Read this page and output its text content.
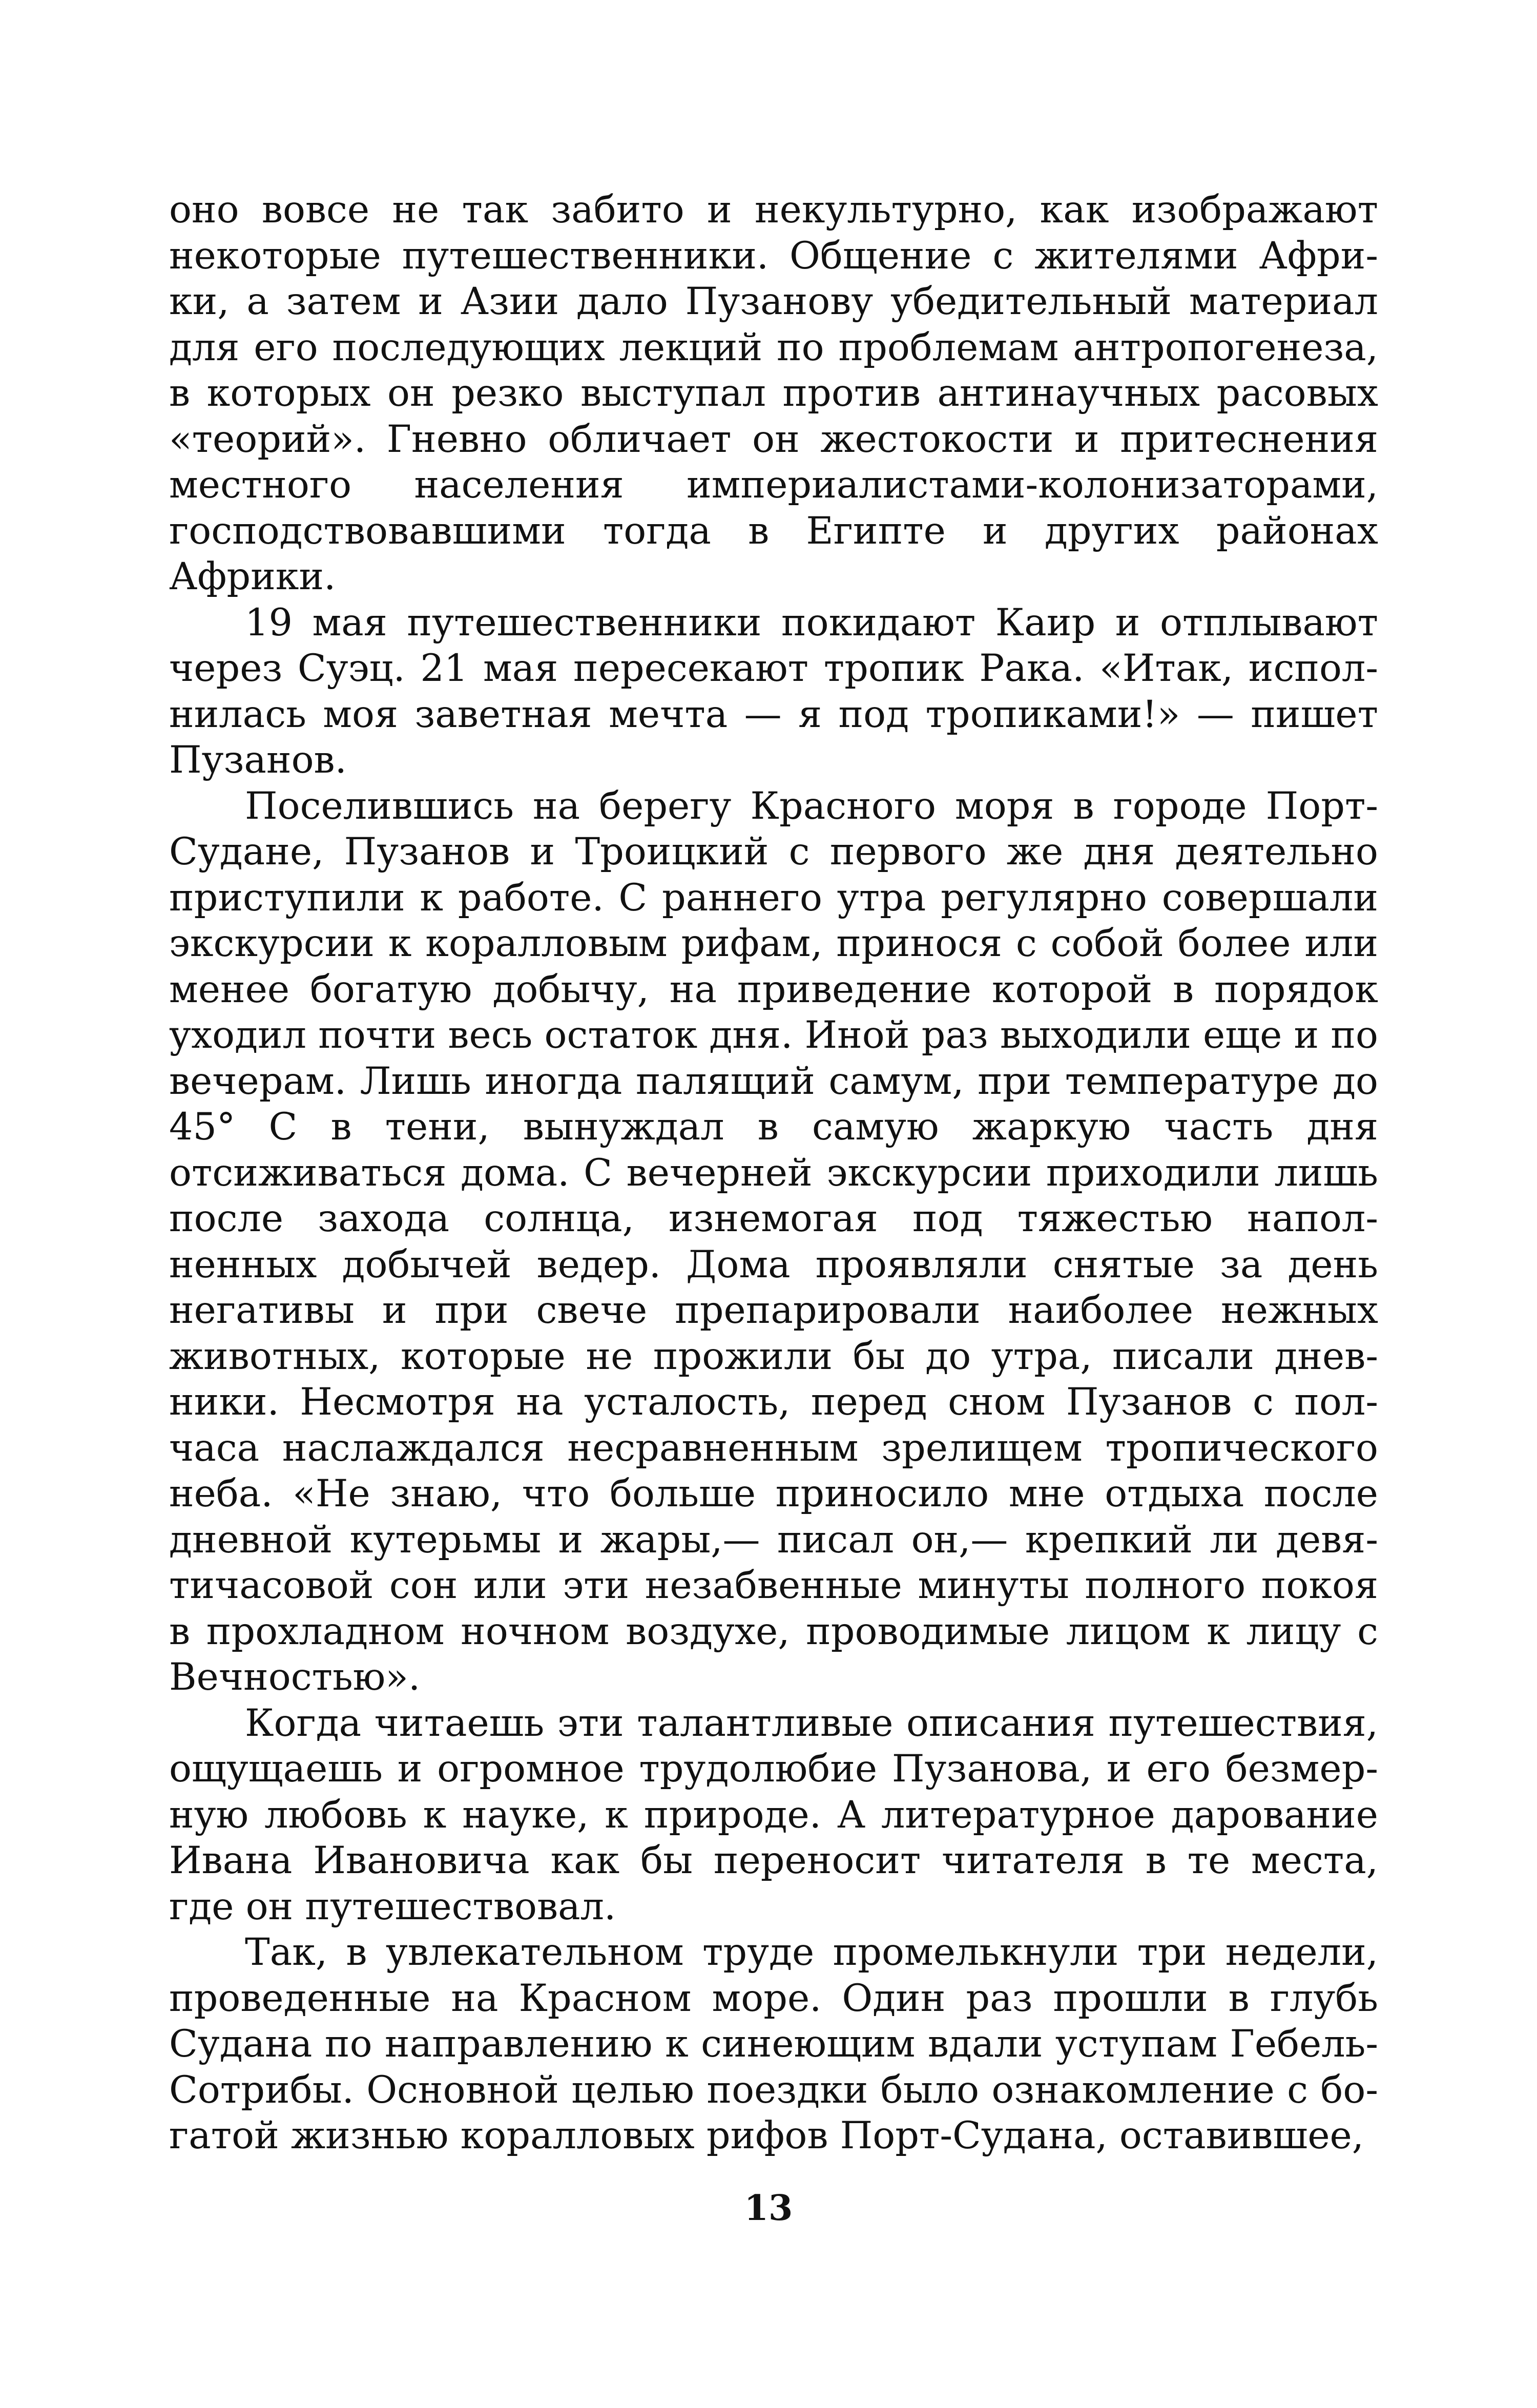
оно вовсе не так забито и некультурно, как изображают некоторые путешественники. Общение с жителями Африки, а затем и Азии дало Пузанову убедительный материал для его последующих лекций по проблемам антропогенеза, в которых он резко выступал против антинаучных расовых «теорий». Гневно обличает он жестокости и притеснения местного населения империалистами-колонизаторами, господствовавшими тогда в Египте и других районах Африки.

19 мая путешественники покидают Каир и отплывают через Суэц. 21 мая пересекают тропик Рака. «Итак, исполнилась моя заветная мечта — я под тропиками!» — пишет Пузанов.

Поселившись на берегу Красного моря в городе Порт-Судане, Пузанов и Троицкий с первого же дня деятельно приступили к работе. С раннего утра регулярно совершали экскурсии к коралловым рифам, принося с собой более или менее богатую добычу, на приведение которой в порядок уходил почти весь остаток дня. Иной раз выходили еще и по вечерам. Лишь иногда палящий самум, при температуре до 45° С в тени, вынуждал в самую жаркую часть дня отсиживаться дома. С вечерней экскурсии приходили лишь после захода солнца, изнемогая под тяжестью наполненных добычей ведер. Дома проявляли снятые за день негативы и при свече препарировали наиболее нежных животных, которые не прожили бы до утра, писали дневники. Несмотря на усталость, перед сном Пузанов с полчаса наслаждался несравненным зрелищем тропического неба. «Не знаю, что больше приносило мне отдыха после дневной кутерьмы и жары,— писал он,— крепкий ли девятичасовой сон или эти незабвенные минуты полного покоя в прохладном ночном воздухе, проводимые лицом к лицу с Вечностью».

Когда читаешь эти талантливые описания путешествия, ощущаешь и огромное трудолюбие Пузанова, и его безмерную любовь к науке, к природе. А литературное дарование Ивана Ивановича как бы переносит читателя в те места, где он путешествовал.

Так, в увлекательном труде промелькнули три недели, проведенные на Красном море. Один раз прошли в глубь Судана по направлению к синеющим вдали уступам Гебель-Сотрибы. Основной целью поездки было ознакомление с богатой жизнью коралловых рифов Порт-Судана, оставившее,

13
